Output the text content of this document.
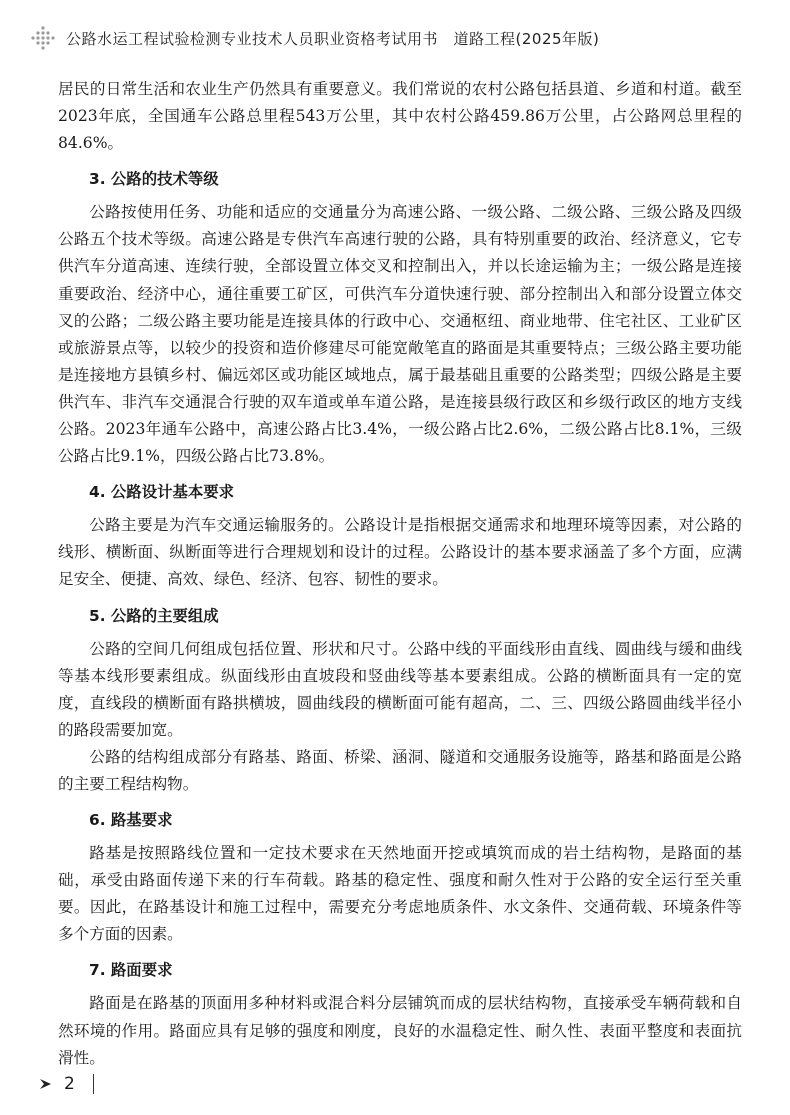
公路水运工程试验检测专业技术人员职业资格考试用书　道路工程(2025年版)

居民的日常生活和农业生产仍然具有重要意义。我们常说的农村公路包括县道、乡道和村道。截至2023年底，全国通车公路总里程543万公里，其中农村公路459.86万公里，占公路网总里程的84.6%。

3. 公路的技术等级

公路按使用任务、功能和适应的交通量分为高速公路、一级公路、二级公路、三级公路及四级公路五个技术等级。高速公路是专供汽车高速行驶的公路，具有特别重要的政治、经济意义，它专供汽车分道高速、连续行驶，全部设置立体交叉和控制出入，并以长途运输为主；一级公路是连接重要政治、经济中心，通往重要工矿区，可供汽车分道快速行驶、部分控制出入和部分设置立体交叉的公路；二级公路主要功能是连接具体的行政中心、交通枢纽、商业地带、住宅社区、工业矿区或旅游景点等，以较少的投资和造价修建尽可能宽敞笔直的路面是其重要特点；三级公路主要功能是连接地方县镇乡村、偏远郊区或功能区域地点，属于最基础且重要的公路类型；四级公路是主要供汽车、非汽车交通混合行驶的双车道或单车道公路，是连接县级行政区和乡级行政区的地方支线公路。2023年通车公路中，高速公路占比3.4%，一级公路占比2.6%，二级公路占比8.1%，三级公路占比9.1%，四级公路占比73.8%。

4. 公路设计基本要求

公路主要是为汽车交通运输服务的。公路设计是指根据交通需求和地理环境等因素，对公路的线形、横断面、纵断面等进行合理规划和设计的过程。公路设计的基本要求涵盖了多个方面，应满足安全、便捷、高效、绿色、经济、包容、韧性的要求。

5. 公路的主要组成

公路的空间几何组成包括位置、形状和尺寸。公路中线的平面线形由直线、圆曲线与缓和曲线等基本线形要素组成。纵面线形由直坡段和竖曲线等基本要素组成。公路的横断面具有一定的宽度，直线段的横断面有路拱横坡，圆曲线段的横断面可能有超高，二、三、四级公路圆曲线半径小的路段需要加宽。

公路的结构组成部分有路基、路面、桥梁、涵洞、隧道和交通服务设施等，路基和路面是公路的主要工程结构物。

6. 路基要求

路基是按照路线位置和一定技术要求在天然地面开挖或填筑而成的岩土结构物，是路面的基础，承受由路面传递下来的行车荷载。路基的稳定性、强度和耐久性对于公路的安全运行至关重要。因此，在路基设计和施工过程中，需要充分考虑地质条件、水文条件、交通荷载、环境条件等多个方面的因素。

7. 路面要求

路面是在路基的顶面用多种材料或混合料分层铺筑而成的层状结构物，直接承受车辆荷载和自然环境的作用。路面应具有足够的强度和刚度，良好的水温稳定性、耐久性、表面平整度和表面抗滑性。

2
